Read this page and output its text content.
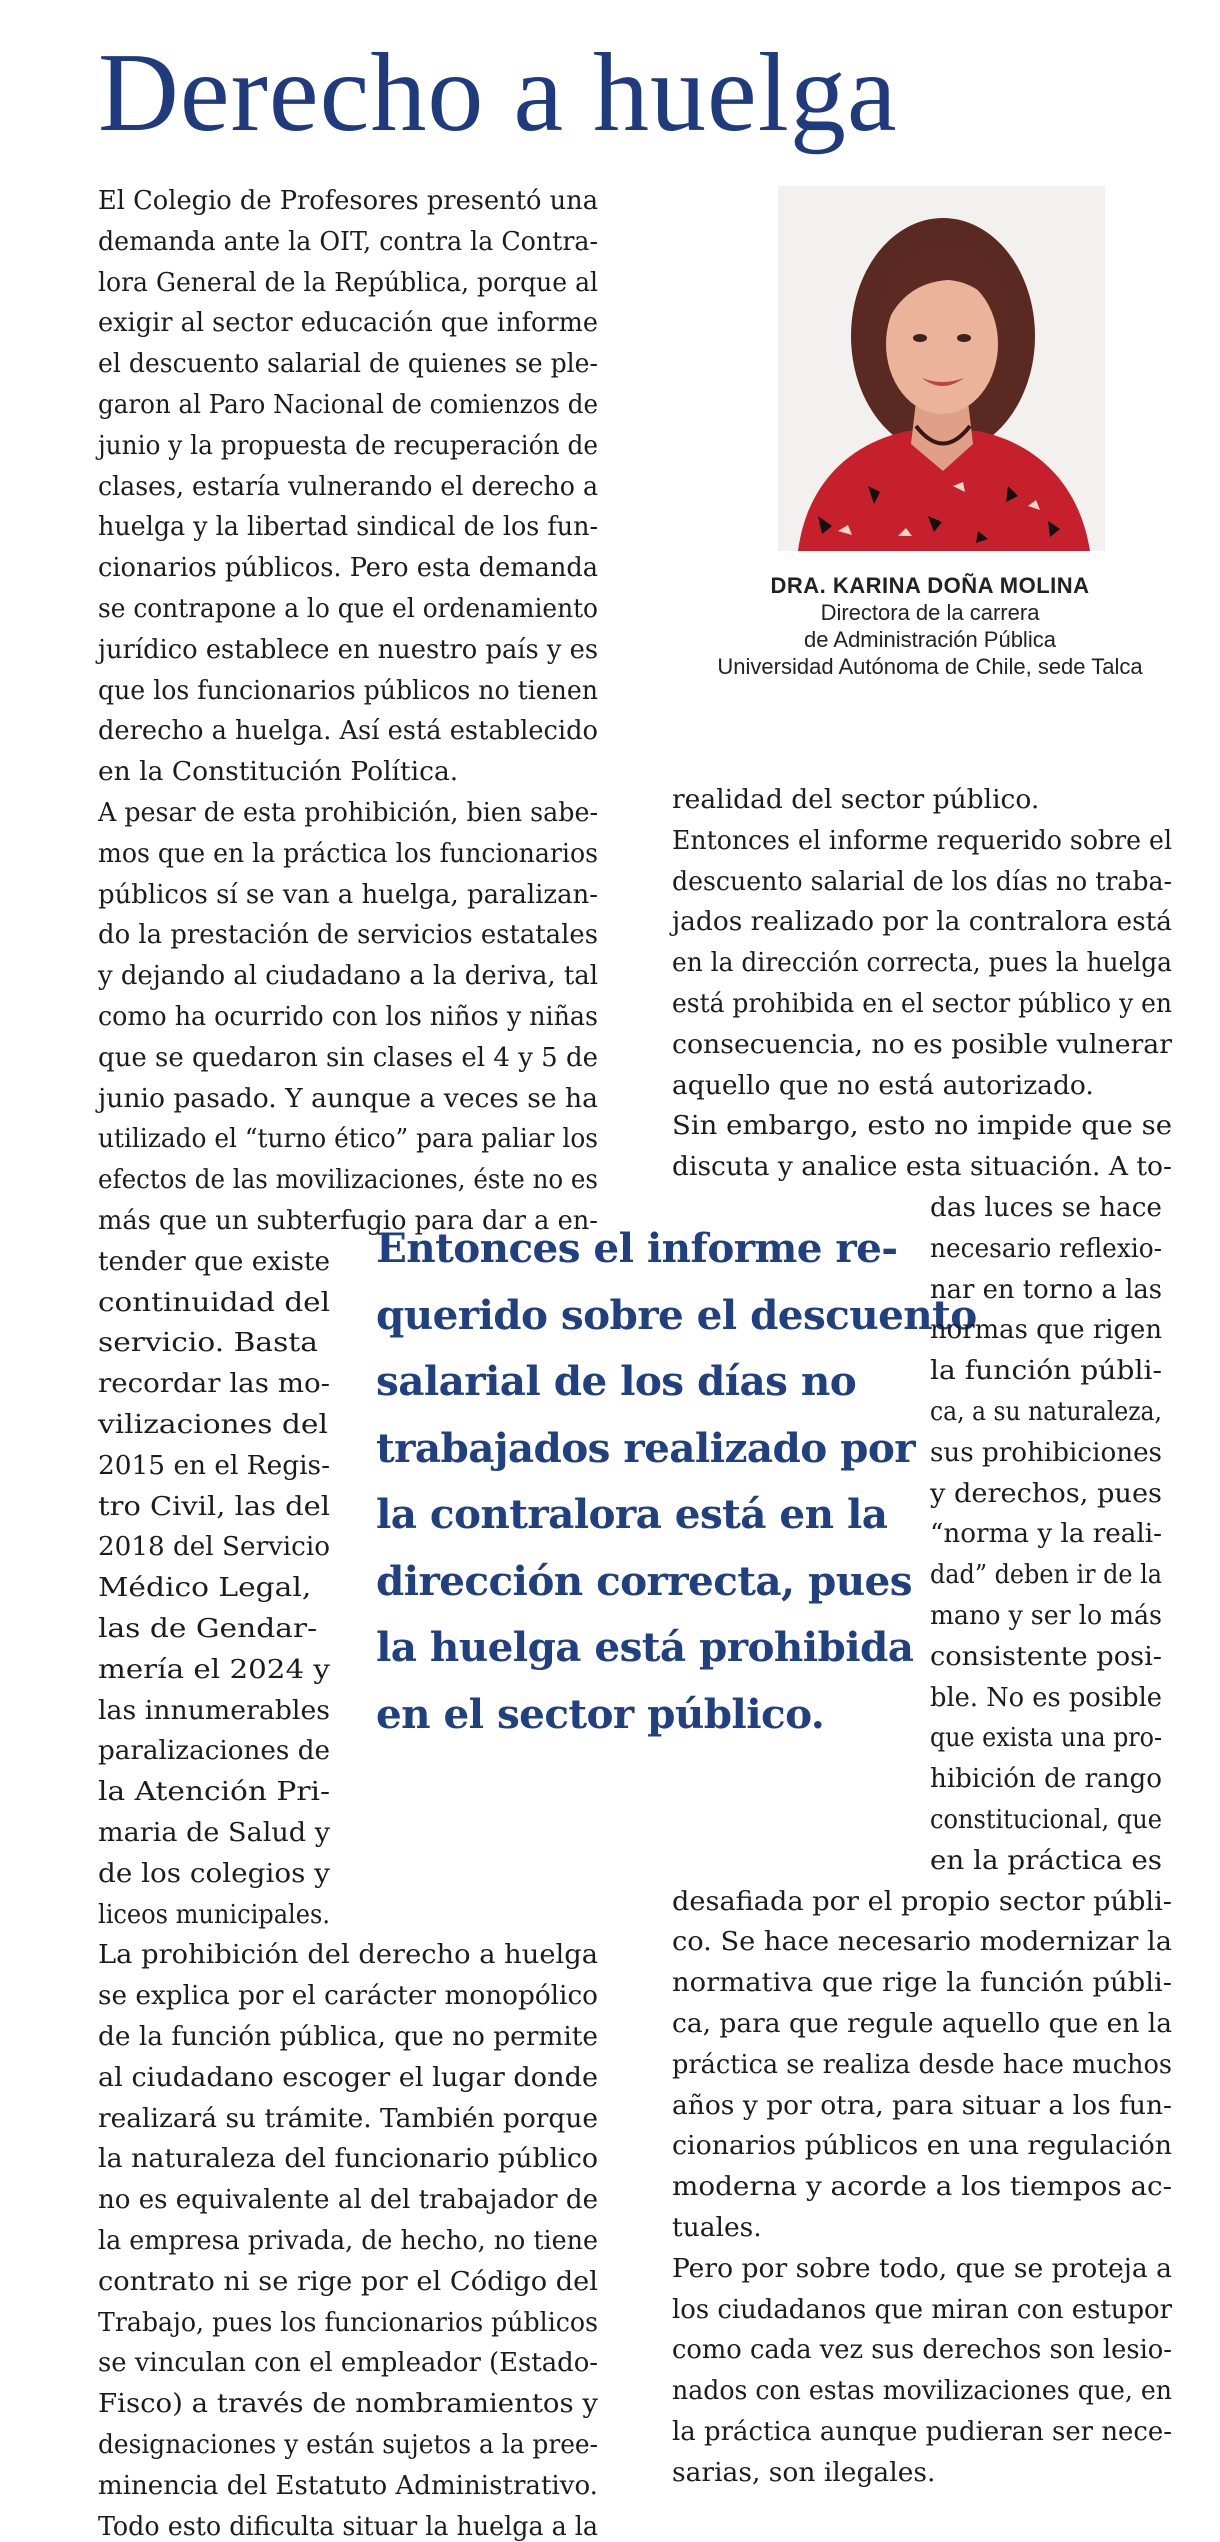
Derecho a huelga
DRA. KARINA DOÑA MOLINA
Directora de la carrera
de Administración Pública
Universidad Autónoma de Chile, sede Talca
Entonces el informe re-
querido sobre el descuento
salarial de los días no
trabajados realizado por
la contralora está en la
dirección correcta, pues
la huelga está prohibida
en el sector público.
El Colegio de Profesores presentó una
demanda ante la OIT, contra la Contra-
lora General de la República, porque al
exigir al sector educación que informe
el descuento salarial de quienes se ple-
garon al Paro Nacional de comienzos de
junio y la propuesta de recuperación de
clases, estaría vulnerando el derecho a
huelga y la libertad sindical de los fun-
cionarios públicos. Pero esta demanda
se contrapone a lo que el ordenamiento
jurídico establece en nuestro país y es
que los funcionarios públicos no tienen
derecho a huelga. Así está establecido
en la Constitución Política.
A pesar de esta prohibición, bien sabe-
mos que en la práctica los funcionarios
públicos sí se van a huelga, paralizan-
do la prestación de servicios estatales
y dejando al ciudadano a la deriva, tal
como ha ocurrido con los niños y niñas
que se quedaron sin clases el 4 y 5 de
junio pasado. Y aunque a veces se ha
utilizado el “turno ético” para paliar los
efectos de las movilizaciones, éste no es
más que un subterfugio para dar a en-
tender que existe
continuidad del
servicio. Basta
recordar las mo-
vilizaciones del
2015 en el Regis-
tro Civil, las del
2018 del Servicio
Médico Legal,
las de Gendar-
mería el 2024 y
las innumerables
paralizaciones de
la Atención Pri-
maria de Salud y
de los colegios y
liceos municipales.
La prohibición del derecho a huelga
se explica por el carácter monopólico
de la función pública, que no permite
al ciudadano escoger el lugar donde
realizará su trámite. También porque
la naturaleza del funcionario público
no es equivalente al del trabajador de
la empresa privada, de hecho, no tiene
contrato ni se rige por el Código del
Trabajo, pues los funcionarios públicos
se vinculan con el empleador (Estado-
Fisco) a través de nombramientos y
designaciones y están sujetos a la pree-
minencia del Estatuto Administrativo.
Todo esto dificulta situar la huelga a la
realidad del sector público.
Entonces el informe requerido sobre el
descuento salarial de los días no traba-
jados realizado por la contralora está
en la dirección correcta, pues la huelga
está prohibida en el sector público y en
consecuencia, no es posible vulnerar
aquello que no está autorizado.
Sin embargo, esto no impide que se
discuta y analice esta situación. A to-
das luces se hace
necesario reflexio-
nar en torno a las
normas que rigen
la función públi-
ca, a su naturaleza,
sus prohibiciones
y derechos, pues
“norma y la reali-
dad” deben ir de la
mano y ser lo más
consistente posi-
ble. No es posible
que exista una pro-
hibición de rango
constitucional, que
en la práctica es
desafiada por el propio sector públi-
co. Se hace necesario modernizar la
normativa que rige la función públi-
ca, para que regule aquello que en la
práctica se realiza desde hace muchos
años y por otra, para situar a los fun-
cionarios públicos en una regulación
moderna y acorde a los tiempos ac-
tuales.
Pero por sobre todo, que se proteja a
los ciudadanos que miran con estupor
como cada vez sus derechos son lesio-
nados con estas movilizaciones que, en
la práctica aunque pudieran ser nece-
sarias, son ilegales.
